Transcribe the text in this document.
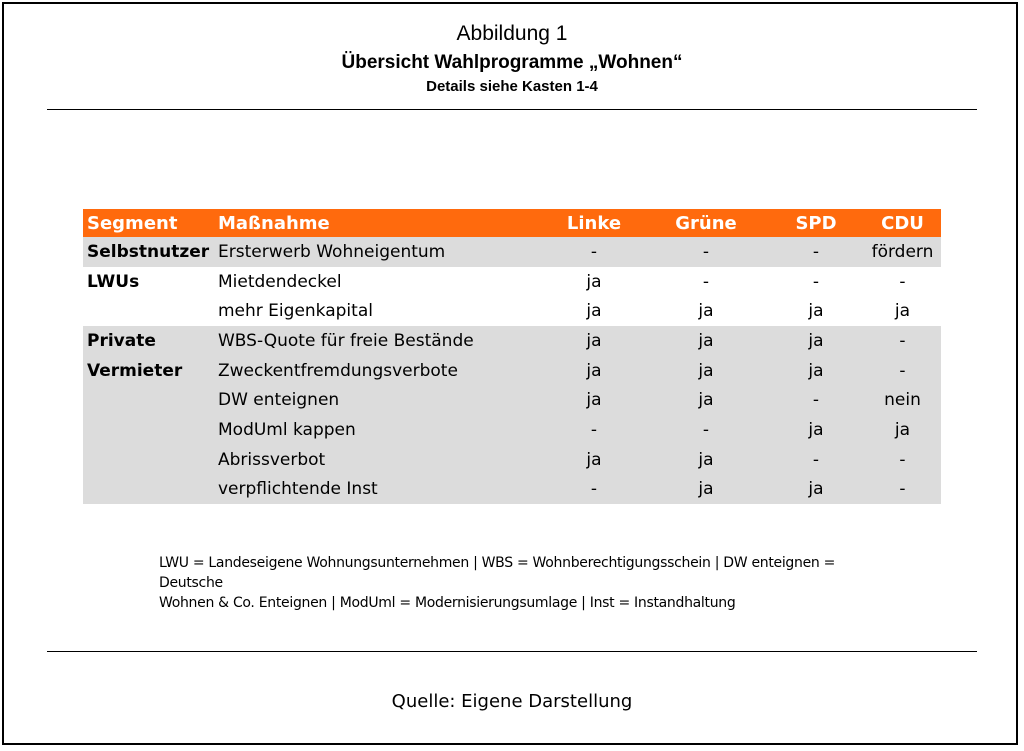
Abbildung 1
Übersicht Wahlprogramme „Wohnen“
Details siehe Kasten 1-4
Segment	Maßnahme	Linke	Grüne	SPD	CDU
Selbstnutzer	Ersterwerb Wohneigentum	-	-	-	fördern
LWUs	Mietdendeckel	ja	-	-	-
	mehr Eigenkapital	ja	ja	ja	ja
Private	WBS-Quote für freie Bestände	ja	ja	ja	-
Vermieter	Zweckentfremdungsverbote	ja	ja	ja	-
	DW enteignen	ja	ja	-	nein
	ModUml kappen	-	-	ja	ja
	Abrissverbot	ja	ja	-	-
	verpflichtende Inst	-	ja	ja	-
LWU = Landeseigene Wohnungsunternehmen | WBS = Wohnberechtigungsschein | DW enteignen = Deutsche
Wohnen & Co. Enteignen | ModUml = Modernisierungsumlage | Inst = Instandhaltung
Quelle: Eigene Darstellung
